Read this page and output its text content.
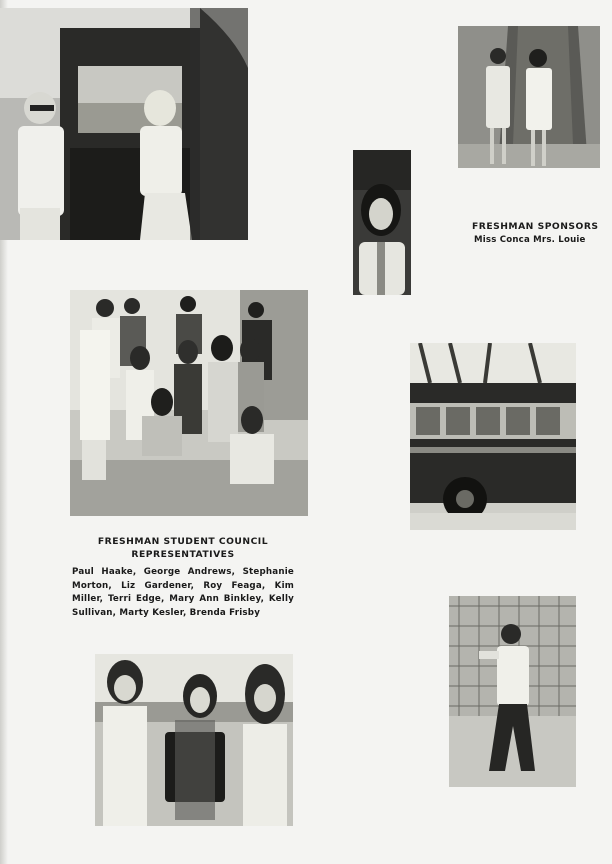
FRESHMAN SPONSORS
Miss Conca Mrs. Louie
FRESHMAN STUDENT COUNCIL
REPRESENTATIVES
Paul Haake, George Andrews, Stephanie Morton, Liz Gardener, Roy Feaga, Kim Miller, Terri Edge, Mary Ann Binkley, Kelly Sullivan, Marty Kesler, Brenda Frisby
